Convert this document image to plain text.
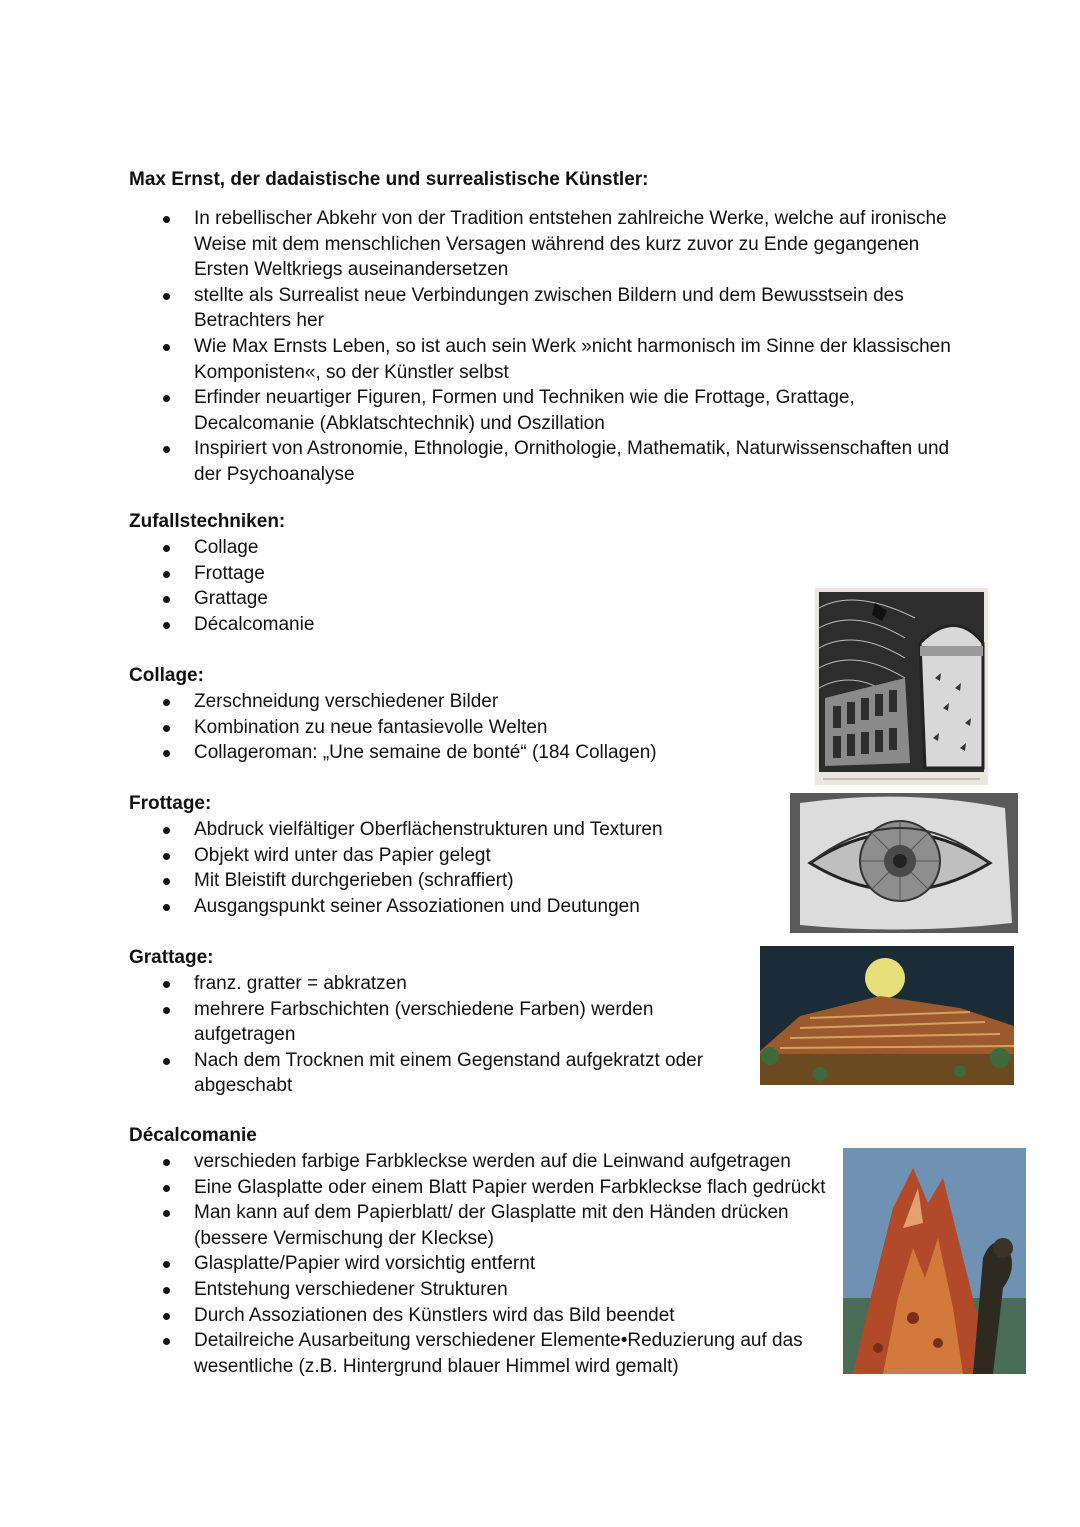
Max Ernst, der dadaistische und surrealistische Künstler:
In rebellischer Abkehr von der Tradition entstehen zahlreiche Werke, welche auf ironische Weise mit dem menschlichen Versagen während des kurz zuvor zu Ende gegangenen Ersten Weltkriegs auseinandersetzen
stellte als Surrealist neue Verbindungen zwischen Bildern und dem Bewusstsein des Betrachters her
Wie Max Ernsts Leben, so ist auch sein Werk »nicht harmonisch im Sinne der klassischen Komponisten«, so der Künstler selbst
Erfinder neuartiger Figuren, Formen und Techniken wie die Frottage, Grattage, Decalcomanie (Abklatschtechnik) und Oszillation
Inspiriert von Astronomie, Ethnologie, Ornithologie, Mathematik, Naturwissenschaften und der Psychoanalyse
Zufallstechniken:
Collage
Frottage
Grattage
Décalcomanie
Collage:
Zerschneidung verschiedener Bilder
Kombination zu neue fantasievolle Welten
Collageroman: „Une semaine de bonté“ (184 Collagen)
Frottage:
Abdruck vielfältiger Oberflächenstrukturen und Texturen
Objekt wird unter das Papier gelegt
Mit Bleistift durchgerieben (schraffiert)
Ausgangspunkt seiner Assoziationen und Deutungen
Grattage:
franz. gratter = abkratzen
mehrere Farbschichten (verschiedene Farben) werden aufgetragen
Nach dem Trocknen mit einem Gegenstand aufgekratzt oder abgeschabt
Décalcomanie
verschieden farbige Farbkleckse werden auf die Leinwand aufgetragen
Eine Glasplatte oder einem Blatt Papier werden Farbkleckse flach gedrückt
Man kann auf dem Papierblatt/ der Glasplatte mit den Händen drücken (bessere Vermischung der Kleckse)
Glasplatte/Papier wird vorsichtig entfernt
Entstehung verschiedener Strukturen
Durch Assoziationen des Künstlers wird das Bild beendet
Detailreiche Ausarbeitung verschiedener Elemente•Reduzierung auf das wesentliche (z.B. Hintergrund blauer Himmel wird gemalt)
